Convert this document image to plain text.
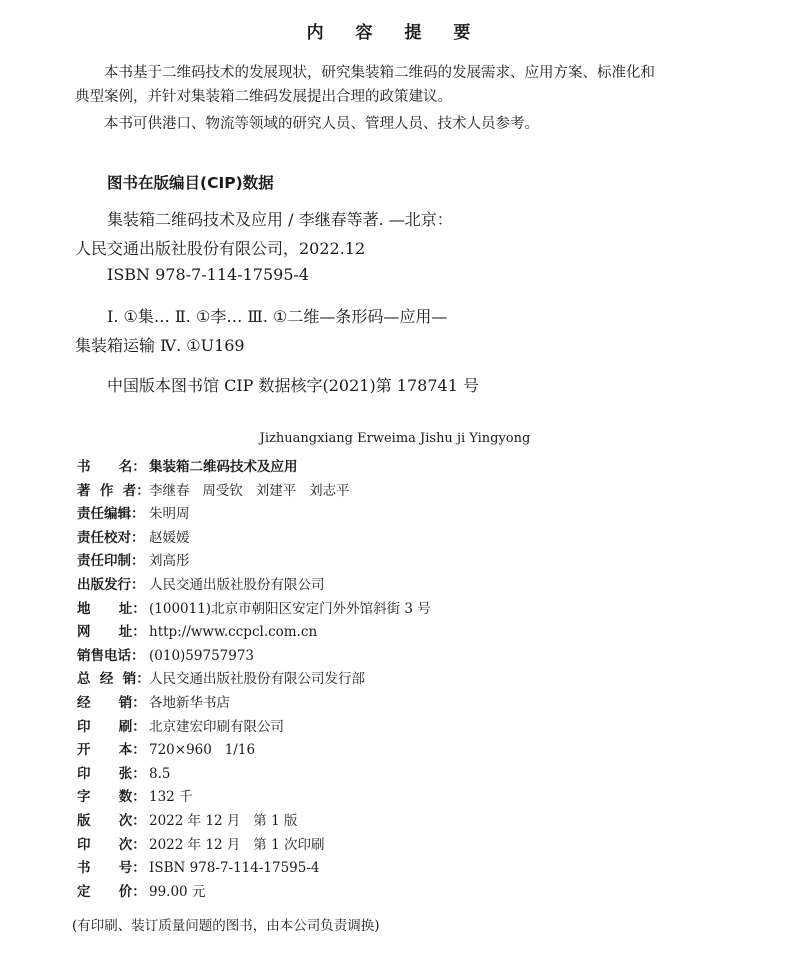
内 容 提 要
本书基于二维码技术的发展现状，研究集装箱二维码的发展需求、应用方案、标准化和
典型案例，并针对集装箱二维码发展提出合理的政策建议。
本书可供港口、物流等领域的研究人员、管理人员、技术人员参考。
图书在版编目(CIP)数据
集装箱二维码技术及应用 / 李继春等著. —北京：
人民交通出版社股份有限公司，2022.12
ISBN 978-7-114-17595-4
Ⅰ. ①集… Ⅱ. ①李… Ⅲ. ①二维—条形码—应用—
集装箱运输 Ⅳ. ①U169
中国版本图书馆 CIP 数据核字(2021)第 178741 号
Jizhuangxiang Erweima Jishu ji Yingyong
书      名： 集装箱二维码技术及应用
著  作  者：李继春   周受钦   刘建平   刘志平
责任编辑： 朱明周
责任校对： 赵媛媛
责任印制： 刘高彤
出版发行： 人民交通出版社股份有限公司
地      址： (100011)北京市朝阳区安定门外外馆斜街 3 号
网      址： http://www.ccpcl.com.cn
销售电话： (010)59757973
总  经  销：人民交通出版社股份有限公司发行部
经      销： 各地新华书店
印      刷： 北京建宏印刷有限公司
开      本： 720×960   1/16
印      张： 8.5
字      数： 132 千
版      次： 2022 年 12 月   第 1 版
印      次： 2022 年 12 月   第 1 次印刷
书      号： ISBN 978-7-114-17595-4
定      价： 99.00 元
(有印刷、装订质量问题的图书，由本公司负责调换)
